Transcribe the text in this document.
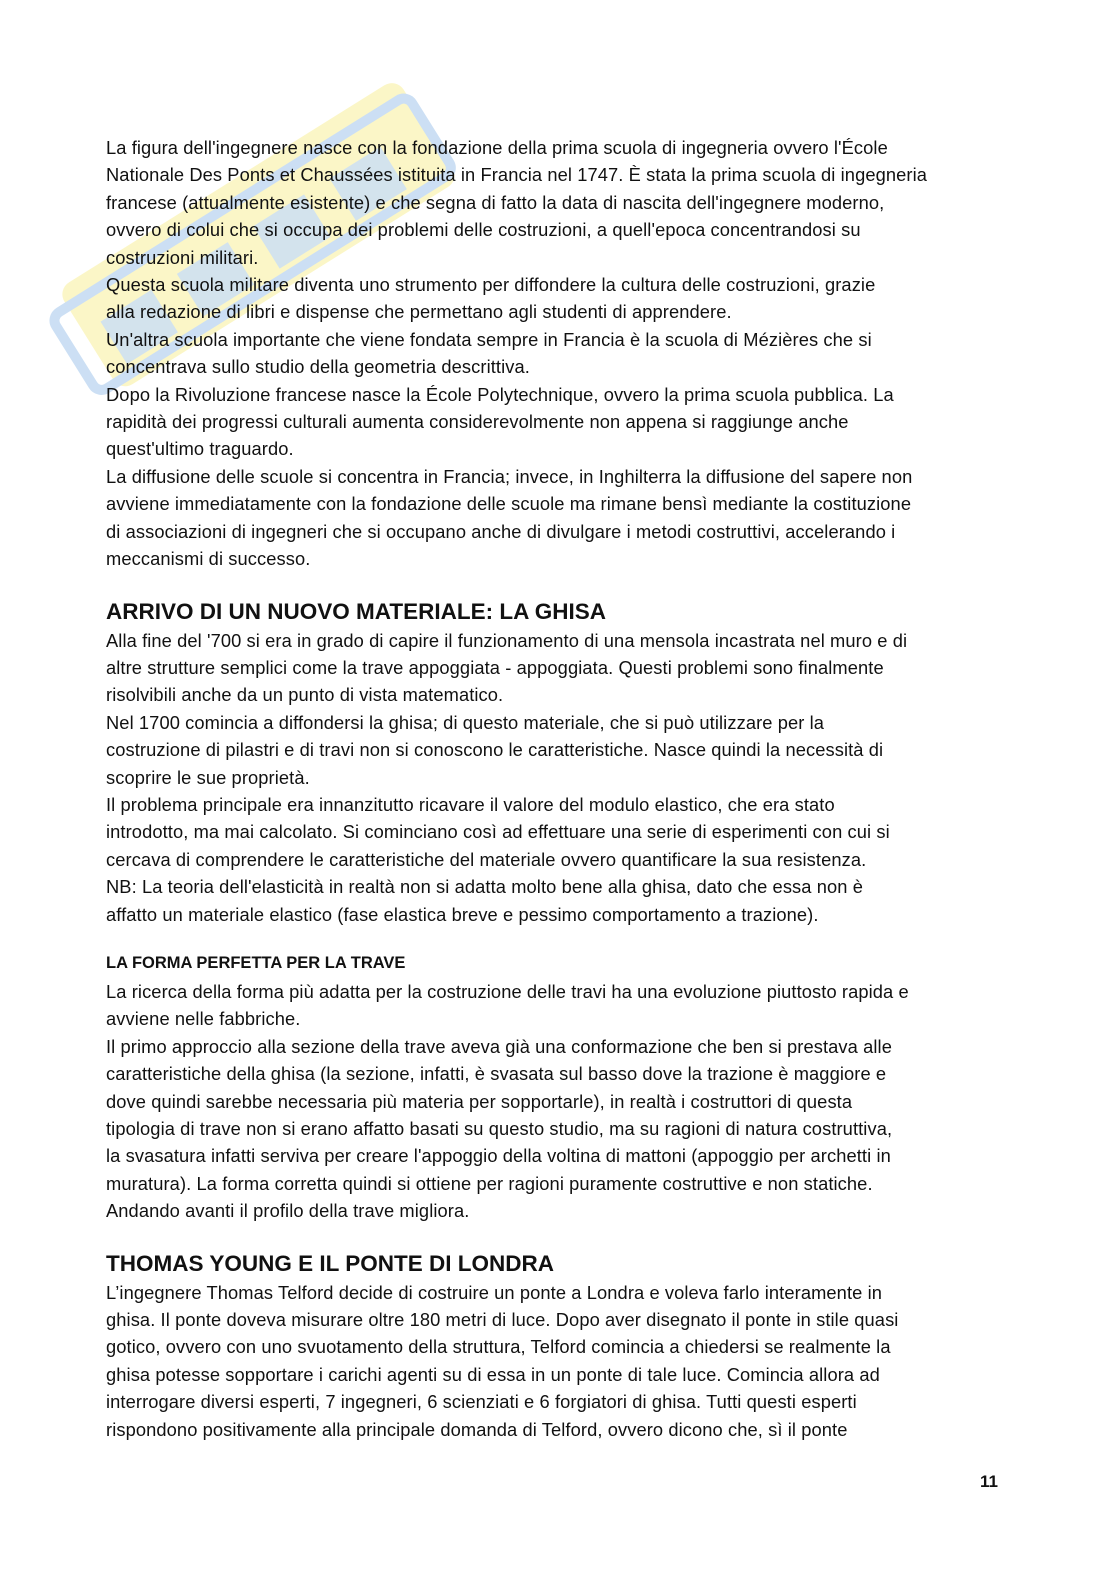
La figura dell'ingegnere nasce con la fondazione della prima scuola di ingegneria ovvero l'École

Nationale Des Ponts et Chaussées istituita in Francia nel 1747. È stata la prima scuola di ingegneria

francese (attualmente esistente) e che segna di fatto la data di nascita dell'ingegnere moderno,

ovvero di colui che si occupa dei problemi delle costruzioni, a quell'epoca concentrandosi su

costruzioni militari.

Questa scuola militare diventa uno strumento per diffondere la cultura delle costruzioni, grazie

alla redazione di libri e dispense che permettano agli studenti di apprendere.

Un'altra scuola importante che viene fondata sempre in Francia è la scuola di Mézières che si

concentrava sullo studio della geometria descrittiva.

Dopo la Rivoluzione francese nasce la École Polytechnique, ovvero la prima scuola pubblica. La

rapidità dei progressi culturali aumenta considerevolmente non appena si raggiunge anche

quest'ultimo traguardo.

La diffusione delle scuole si concentra in Francia; invece, in Inghilterra la diffusione del sapere non

avviene immediatamente con la fondazione delle scuole ma rimane bensì mediante la costituzione

di associazioni di ingegneri che si occupano anche di divulgare i metodi costruttivi, accelerando i

meccanismi di successo.

ARRIVO DI UN NUOVO MATERIALE: LA GHISA

Alla fine del '700 si era in grado di capire il funzionamento di una mensola incastrata nel muro e di

altre strutture semplici come la trave appoggiata - appoggiata. Questi problemi sono finalmente

risolvibili anche da un punto di vista matematico.

Nel 1700 comincia a diffondersi la ghisa; di questo materiale, che si può utilizzare per la

costruzione di pilastri e di travi non si conoscono le caratteristiche. Nasce quindi la necessità di

scoprire le sue proprietà.

Il problema principale era innanzitutto ricavare il valore del modulo elastico, che era stato

introdotto, ma mai calcolato. Si cominciano così ad effettuare una serie di esperimenti con cui si

cercava di comprendere le caratteristiche del materiale ovvero quantificare la sua resistenza.

NB: La teoria dell'elasticità in realtà non si adatta molto bene alla ghisa, dato che essa non è

affatto un materiale elastico (fase elastica breve e pessimo comportamento a trazione).

LA FORMA PERFETTA PER LA TRAVE

La ricerca della forma più adatta per la costruzione delle travi ha una evoluzione piuttosto rapida e

avviene nelle fabbriche.

Il primo approccio alla sezione della trave aveva già una conformazione che ben si prestava alle

caratteristiche della ghisa (la sezione, infatti, è svasata sul basso dove la trazione è maggiore e

dove quindi sarebbe necessaria più materia per sopportarle), in realtà i costruttori di questa

tipologia di trave non si erano affatto basati su questo studio, ma su ragioni di natura costruttiva,

la svasatura infatti serviva per creare l'appoggio della voltina di mattoni (appoggio per archetti in

muratura). La forma corretta quindi si ottiene per ragioni puramente costruttive e non statiche.

Andando avanti il profilo della trave migliora.

THOMAS YOUNG E IL PONTE DI LONDRA

L’ingegnere Thomas Telford decide di costruire un ponte a Londra e voleva farlo interamente in

ghisa. Il ponte doveva misurare oltre 180 metri di luce. Dopo aver disegnato il ponte in stile quasi

gotico, ovvero con uno svuotamento della struttura, Telford comincia a chiedersi se realmente la

ghisa potesse sopportare i carichi agenti su di essa in un ponte di tale luce. Comincia allora ad

interrogare diversi esperti, 7 ingegneri, 6 scienziati e 6 forgiatori di ghisa. Tutti questi esperti

rispondono positivamente alla principale domanda di Telford, ovvero dicono che, sì il ponte

11
